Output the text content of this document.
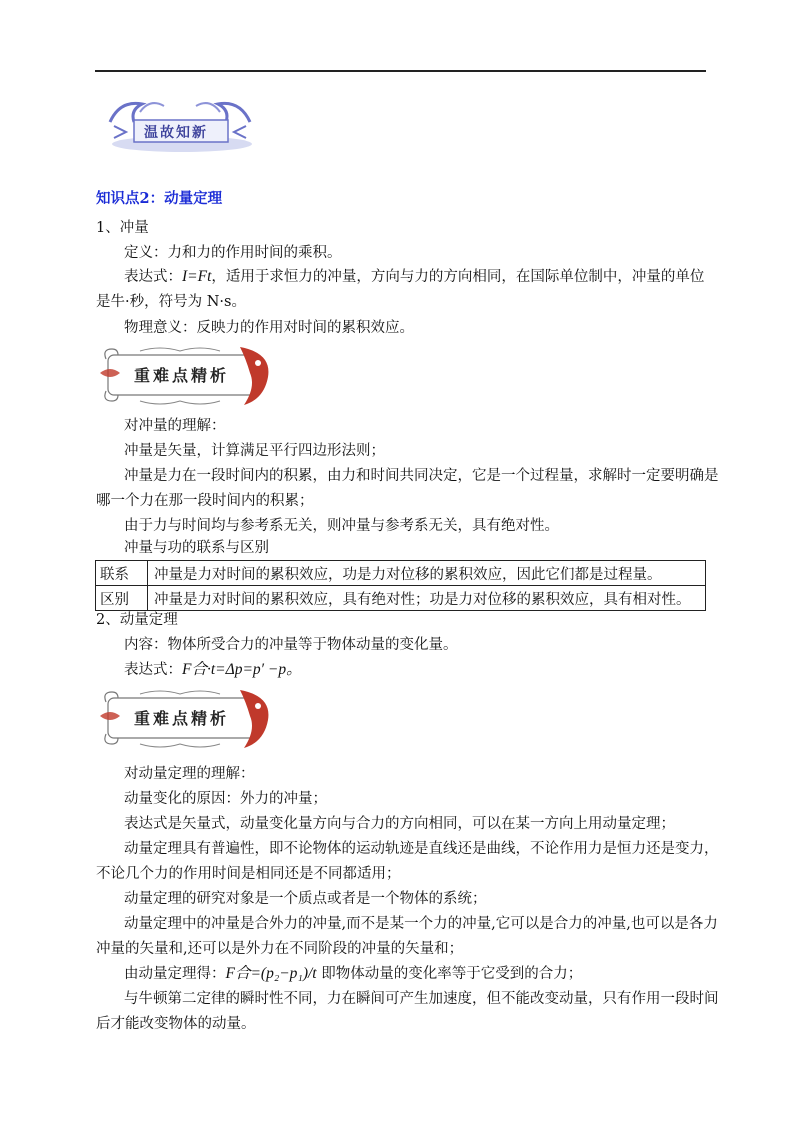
温故知新
知识点2：动量定理
1、冲量
定义：力和力的作用时间的乘积。
表达式：I=Ft，适用于求恒力的冲量，方向与力的方向相同，在国际单位制中，冲量的单位
是牛·秒，符号为 N·s。
物理意义：反映力的作用对时间的累积效应。
重难点精析
对冲量的理解：
冲量是矢量，计算满足平行四边形法则；
冲量是力在一段时间内的积累，由力和时间共同决定，它是一个过程量，求解时一定要明确是
哪一个力在那一段时间内的积累；
由于力与时间均与参考系无关，则冲量与参考系无关，具有绝对性。
冲量与功的联系与区别
联系	冲量是力对时间的累积效应，功是力对位移的累积效应，因此它们都是过程量。
区别	冲量是力对时间的累积效应，具有绝对性；功是力对位移的累积效应，具有相对性。
2、动量定理
内容：物体所受合力的冲量等于物体动量的变化量。
表达式：F合·t=Δp=p′ −p。
重难点精析
对动量定理的理解：
动量变化的原因：外力的冲量；
表达式是矢量式，动量变化量方向与合力的方向相同，可以在某一方向上用动量定理；
动量定理具有普遍性，即不论物体的运动轨迹是直线还是曲线，不论作用力是恒力还是变力，
不论几个力的作用时间是相同还是不同都适用；
动量定理的研究对象是一个质点或者是一个物体的系统；
动量定理中的冲量是合外力的冲量,而不是某一个力的冲量,它可以是合力的冲量,也可以是各力
冲量的矢量和,还可以是外力在不同阶段的冲量的矢量和；
由动量定理得：F合=(p₂−p₁)/t 即物体动量的变化率等于它受到的合力；
与牛顿第二定律的瞬时性不同，力在瞬间可产生加速度，但不能改变动量，只有作用一段时间
后才能改变物体的动量。
